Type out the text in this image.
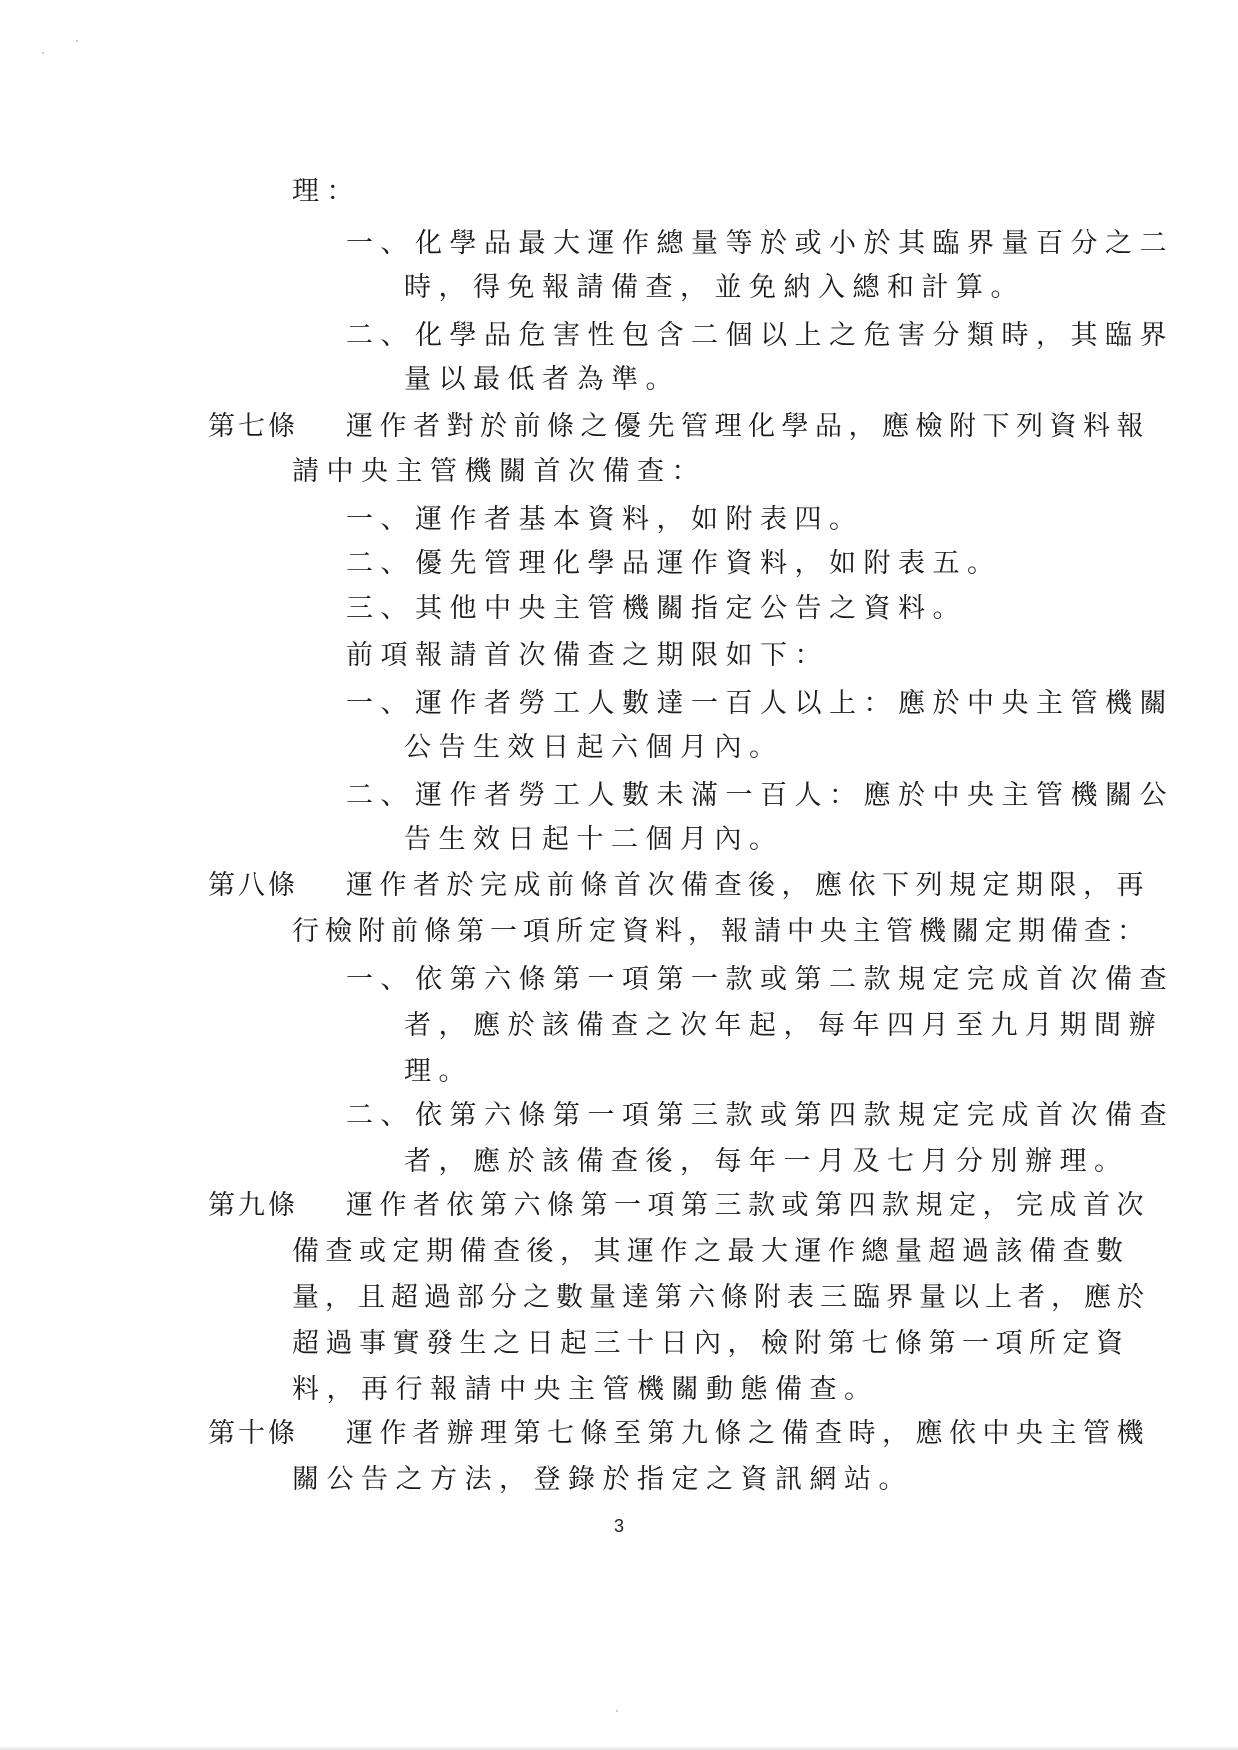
理：
一、化學品最大運作總量等於或小於其臨界量百分之二
時，得免報請備查，並免納入總和計算。
二、化學品危害性包含二個以上之危害分類時，其臨界
量以最低者為準。
第七條 運作者對於前條之優先管理化學品，應檢附下列資料報
請中央主管機關首次備查：
一、運作者基本資料，如附表四。
二、優先管理化學品運作資料，如附表五。
三、其他中央主管機關指定公告之資料。
前項報請首次備查之期限如下：
一、運作者勞工人數達一百人以上：應於中央主管機關
公告生效日起六個月內。
二、運作者勞工人數未滿一百人：應於中央主管機關公
告生效日起十二個月內。
第八條 運作者於完成前條首次備查後，應依下列規定期限，再
行檢附前條第一項所定資料，報請中央主管機關定期備查：
一、依第六條第一項第一款或第二款規定完成首次備查
者，應於該備查之次年起，每年四月至九月期間辦
理。
二、依第六條第一項第三款或第四款規定完成首次備查
者，應於該備查後，每年一月及七月分別辦理。
第九條 運作者依第六條第一項第三款或第四款規定，完成首次
備查或定期備查後，其運作之最大運作總量超過該備查數
量，且超過部分之數量達第六條附表三臨界量以上者，應於
超過事實發生之日起三十日內，檢附第七條第一項所定資
料，再行報請中央主管機關動態備查。
第十條 運作者辦理第七條至第九條之備查時，應依中央主管機
關公告之方法，登錄於指定之資訊網站。
3
